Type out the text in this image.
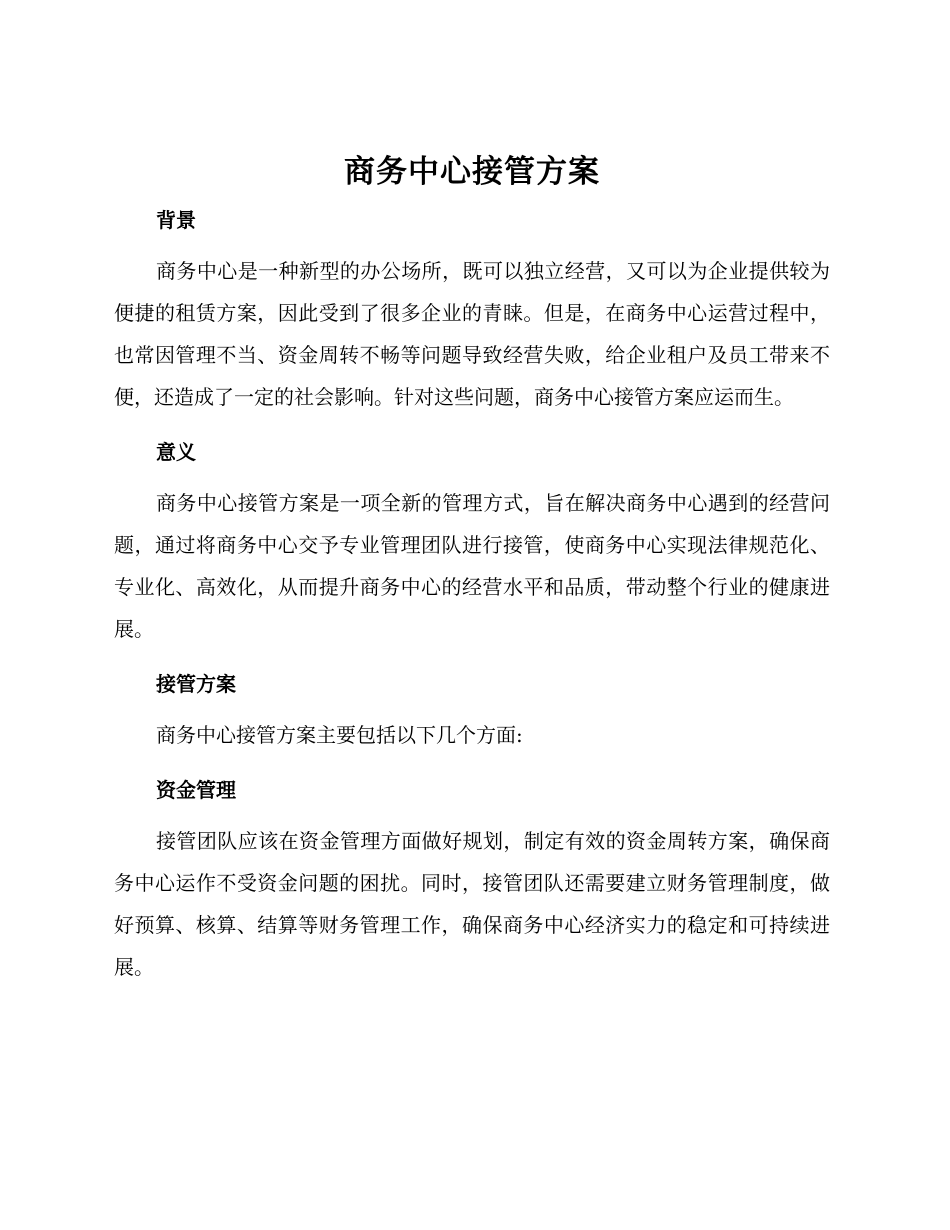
商务中心接管方案
背景

商务中心是一种新型的办公场所，既可以独立经营，又可以为企业提供较为便捷的租赁方案，因此受到了很多企业的青睐。但是，在商务中心运营过程中，也常因管理不当、资金周转不畅等问题导致经营失败，给企业租户及员工带来不便，还造成了一定的社会影响。针对这些问题，商务中心接管方案应运而生。

意义

商务中心接管方案是一项全新的管理方式，旨在解决商务中心遇到的经营问题，通过将商务中心交予专业管理团队进行接管，使商务中心实现法律规范化、专业化、高效化，从而提升商务中心的经营水平和品质，带动整个行业的健康进展。

接管方案

商务中心接管方案主要包括以下几个方面:

资金管理

接管团队应该在资金管理方面做好规划，制定有效的资金周转方案，确保商务中心运作不受资金问题的困扰。同时，接管团队还需要建立财务管理制度，做好预算、核算、结算等财务管理工作，确保商务中心经济实力的稳定和可持续进展。
